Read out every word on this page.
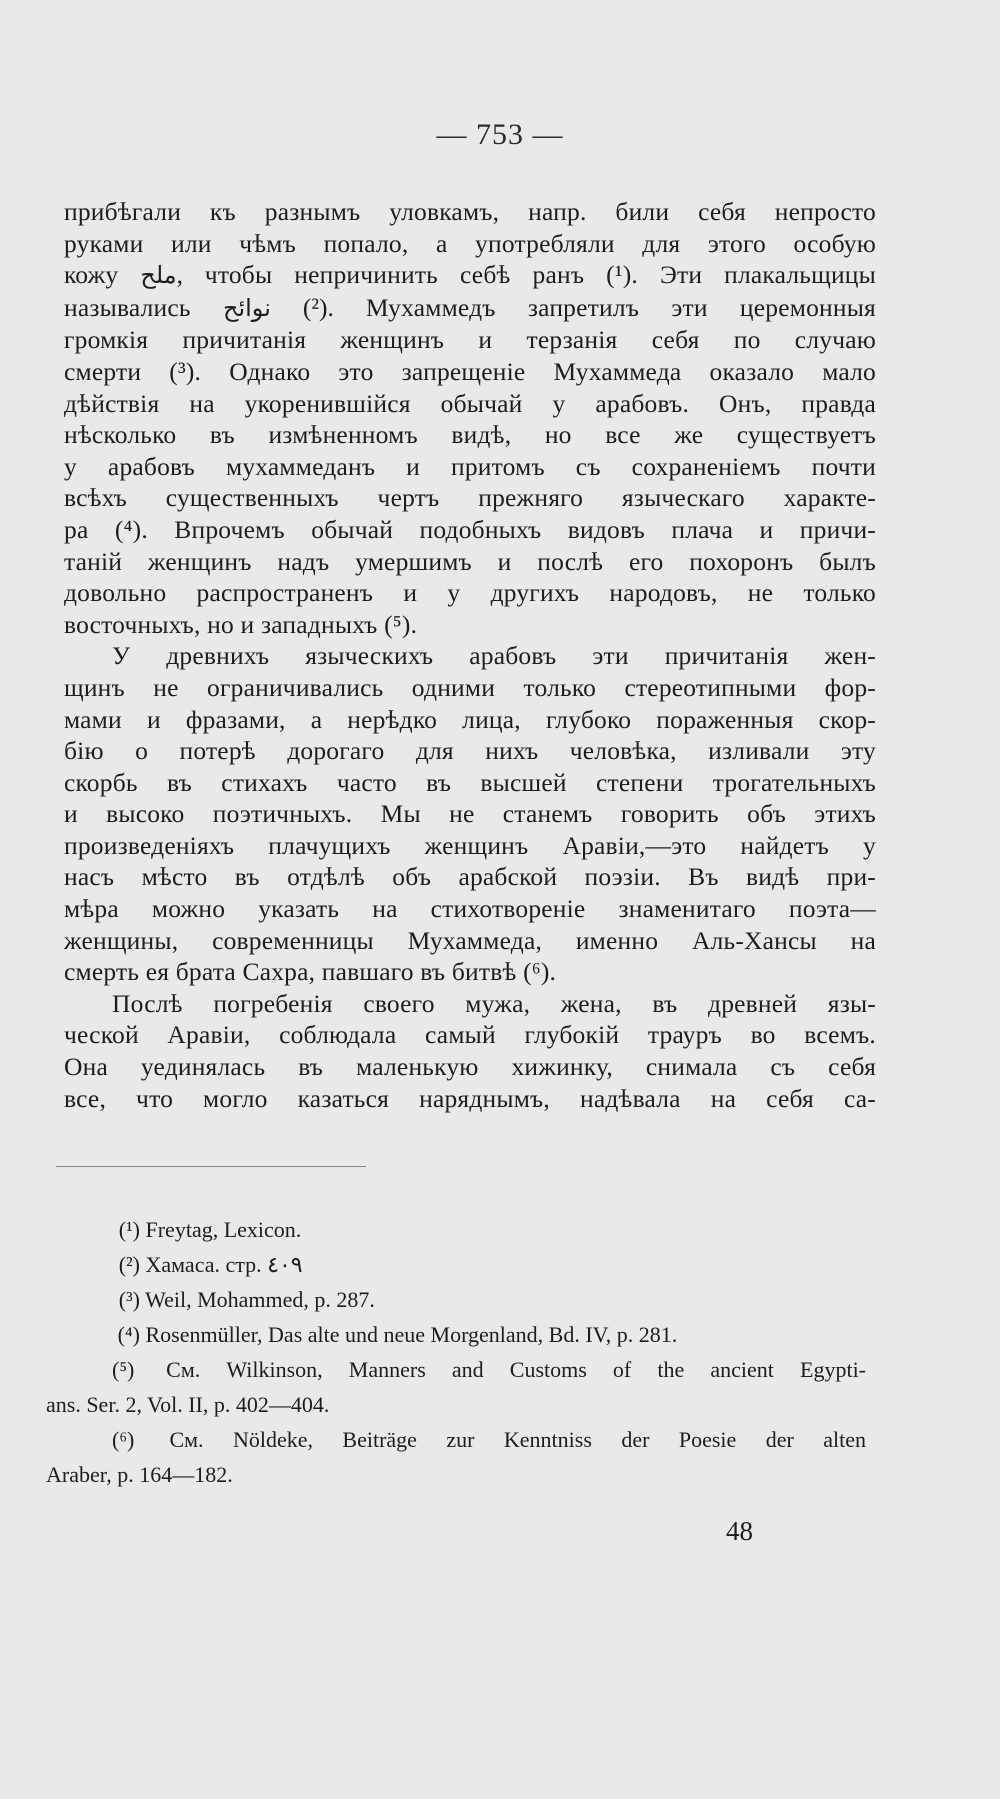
— 753 —

прибѣгали къ разнымъ уловкамъ, напр. били себя непросто

руками или чѣмъ попало, а употребляли для этого особую

кожу ملح, чтобы непричинить себѣ ранъ (¹). Эти плакальщицы

назывались نوائح (²). Мухаммедъ запретилъ эти церемонныя

громкія причитанія женщинъ и терзанія себя по случаю

смерти (³). Однако это запрещеніе Мухаммеда оказало мало

дѣйствія на укоренившійся обычай у арабовъ. Онъ, правда

нѣсколько въ измѣненномъ видѣ, но все же существуетъ

у арабовъ мухаммеданъ и притомъ съ сохраненіемъ почти

всѣхъ существенныхъ чертъ прежняго языческаго характе-

ра (⁴). Впрочемъ обычай подобныхъ видовъ плача и причи-

таній женщинъ надъ умершимъ и послѣ его похоронъ былъ

довольно распространенъ и у другихъ народовъ, не только

восточныхъ, но и западныхъ (⁵).

У древнихъ языческихъ арабовъ эти причитанія жен-

щинъ не ограничивались одними только стереотипными фор-

мами и фразами, а нерѣдко лица, глубоко пораженныя скор-

бію о потерѣ дорогаго для нихъ человѣка, изливали эту

скорбь въ стихахъ часто въ высшей степени трогательныхъ

и высоко поэтичныхъ. Мы не станемъ говорить объ этихъ

произведеніяхъ плачущихъ женщинъ Аравіи,—это найдетъ у

насъ мѣсто въ отдѣлѣ объ арабской поэзіи. Въ видѣ при-

мѣра можно указать на стихотвореніе знаменитаго поэта—

женщины, современницы Мухаммеда, именно Аль-Хансы на

смерть ея брата Сахра, павшаго въ битвѣ (⁶).

Послѣ погребенія своего мужа, жена, въ древней язы-

ческой Аравіи, соблюдала самый глубокій трауръ во всемъ.

Она уединялась въ маленькую хижинку, снимала съ себя

все, что могло казаться наряднымъ, надѣвала на себя са-

(¹) Freytag, Lexicon.

(²) Хамаса. стр. ٤٠٩

(³) Weil, Mohammed, p. 287.

(⁴) Rosenmüller, Das alte und neue Morgenland, Bd. IV, p. 281.

(⁵) См. Wilkinson, Manners and Customs of the ancient Egypti-

ans. Ser. 2, Vol. II, p. 402—404.

(⁶) См. Nöldeke, Beiträge zur Kenntniss der Poesie der alten

Araber, p. 164—182.

48
